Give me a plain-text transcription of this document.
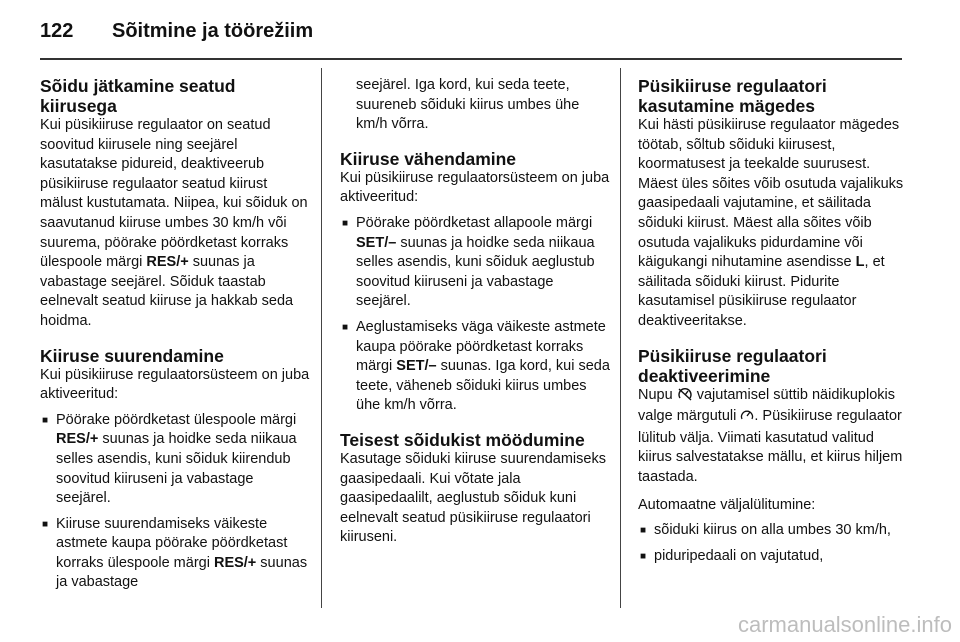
122 Sõitmine ja töörežiim
Sõidu jätkamine seatud kiirusega

Kui püsikiiruse regulaator on seatud soovitud kiirusele ning seejärel kasutatakse pidureid, deaktiveerub püsikiiruse regulaator seatud kiirust mälust kustutamata. Niipea, kui sõiduk on saavutanud kiiruse umbes 30 km/h või suurema, pöörake pöördketast korraks ülespoole märgi RES/+ suunas ja vabastage seejärel. Sõiduk taastab eelnevalt seatud kiiruse ja hakkab seda hoidma.

Kiiruse suurendamine

Kui püsikiiruse regulaatorsüsteem on juba aktiveeritud:

■ Pöörake pöördketast ülespoole märgi RES/+ suunas ja hoidke seda niikaua selles asendis, kuni sõiduk kiirendub soovitud kiiruseni ja vabastage seejärel.
■ Kiiruse suurendamiseks väikeste astmete kaupa pöörake pöördketast korraks ülespoole märgi RES/+ suunas ja vabastage

seejärel. Iga kord, kui seda teete, suureneb sõiduki kiirus umbes ühe km/h võrra.

Kiiruse vähendamine

Kui püsikiiruse regulaatorsüsteem on juba aktiveeritud:

■ Pöörake pöördketast allapoole märgi SET/– suunas ja hoidke seda niikaua selles asendis, kuni sõiduk aeglustub soovitud kiiruseni ja vabastage seejärel.
■ Aeglustamiseks väga väikeste astmete kaupa pöörake pöördketast korraks märgi SET/– suunas. Iga kord, kui seda teete, väheneb sõiduki kiirus umbes ühe km/h võrra.
Teisest sõidukist möödumine

Kasutage sõiduki kiiruse suurendamiseks gaasipedaali. Kui võtate jala gaasipedaalilt, aeglustub sõiduk kuni eelnevalt seatud püsikiiruse regulaatori kiiruseni.

Püsikiiruse regulaatori kasutamine mägedes

Kui hästi püsikiiruse regulaator mägedes töötab, sõltub sõiduki kiirusest, koormatusest ja teekalde suurusest. Mäest üles sõites võib osutuda vajalikuks gaasipedaali vajutamine, et säilitada sõiduki kiirust. Mäest alla sõites võib osutuda vajalikuks pidurdamine või käigukangi nihutamine asendisse L, et säilitada sõiduki kiirust. Pidurite kasutamisel püsikiiruse regulaator deaktiveeritakse.

Püsikiiruse regulaatori deaktiveerimine

Nupu  vajutamisel süttib näidikuplokis valge märgutuli . Püsikiiruse regulaator lülitub välja. Viimati kasutatud valitud kiirus salvestatakse mällu, et kiirus hiljem taastada.

Automaatne väljalülitumine:

■ sõiduki kiirus on alla umbes 30 km/h,
■ piduripedaali on vajutatud,
carmanualsonline.info
